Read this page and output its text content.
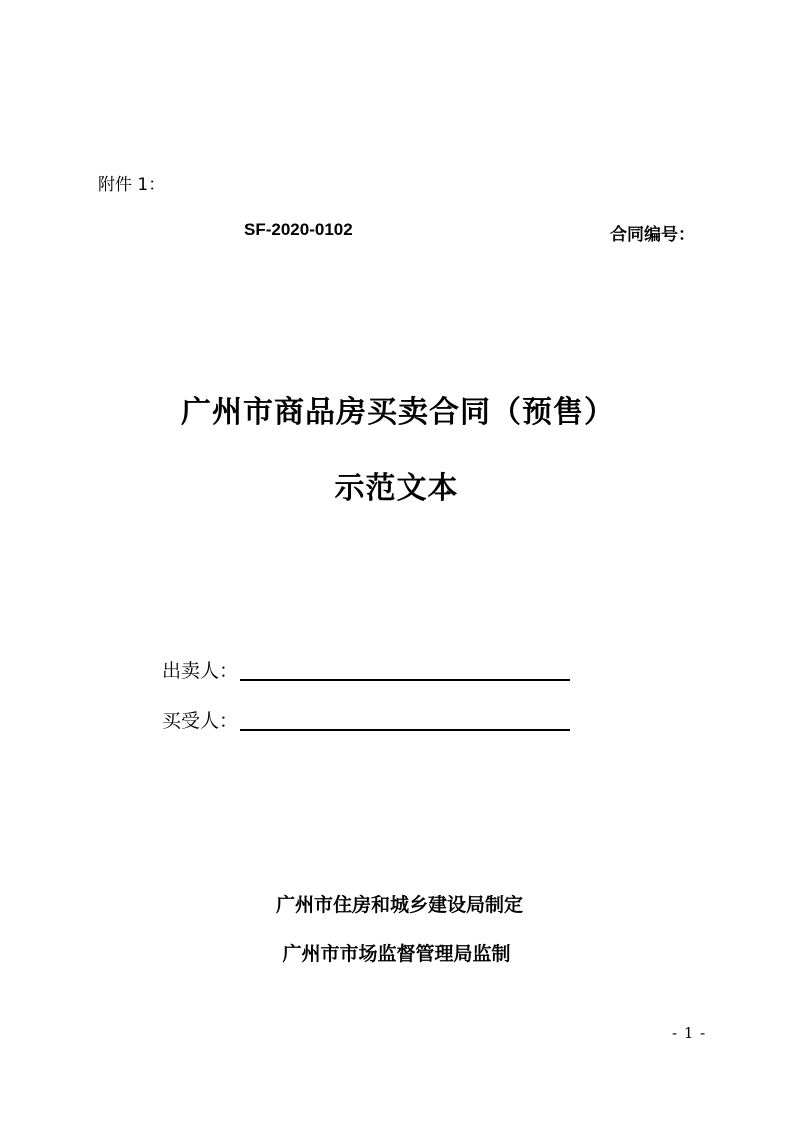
附件 1：
SF-2020-0102	合同编号：
广州市商品房买卖合同（预售）
示范文本
出卖人：
买受人：
广州市住房和城乡建设局制定
广州市市场监督管理局监制
- 1 -
